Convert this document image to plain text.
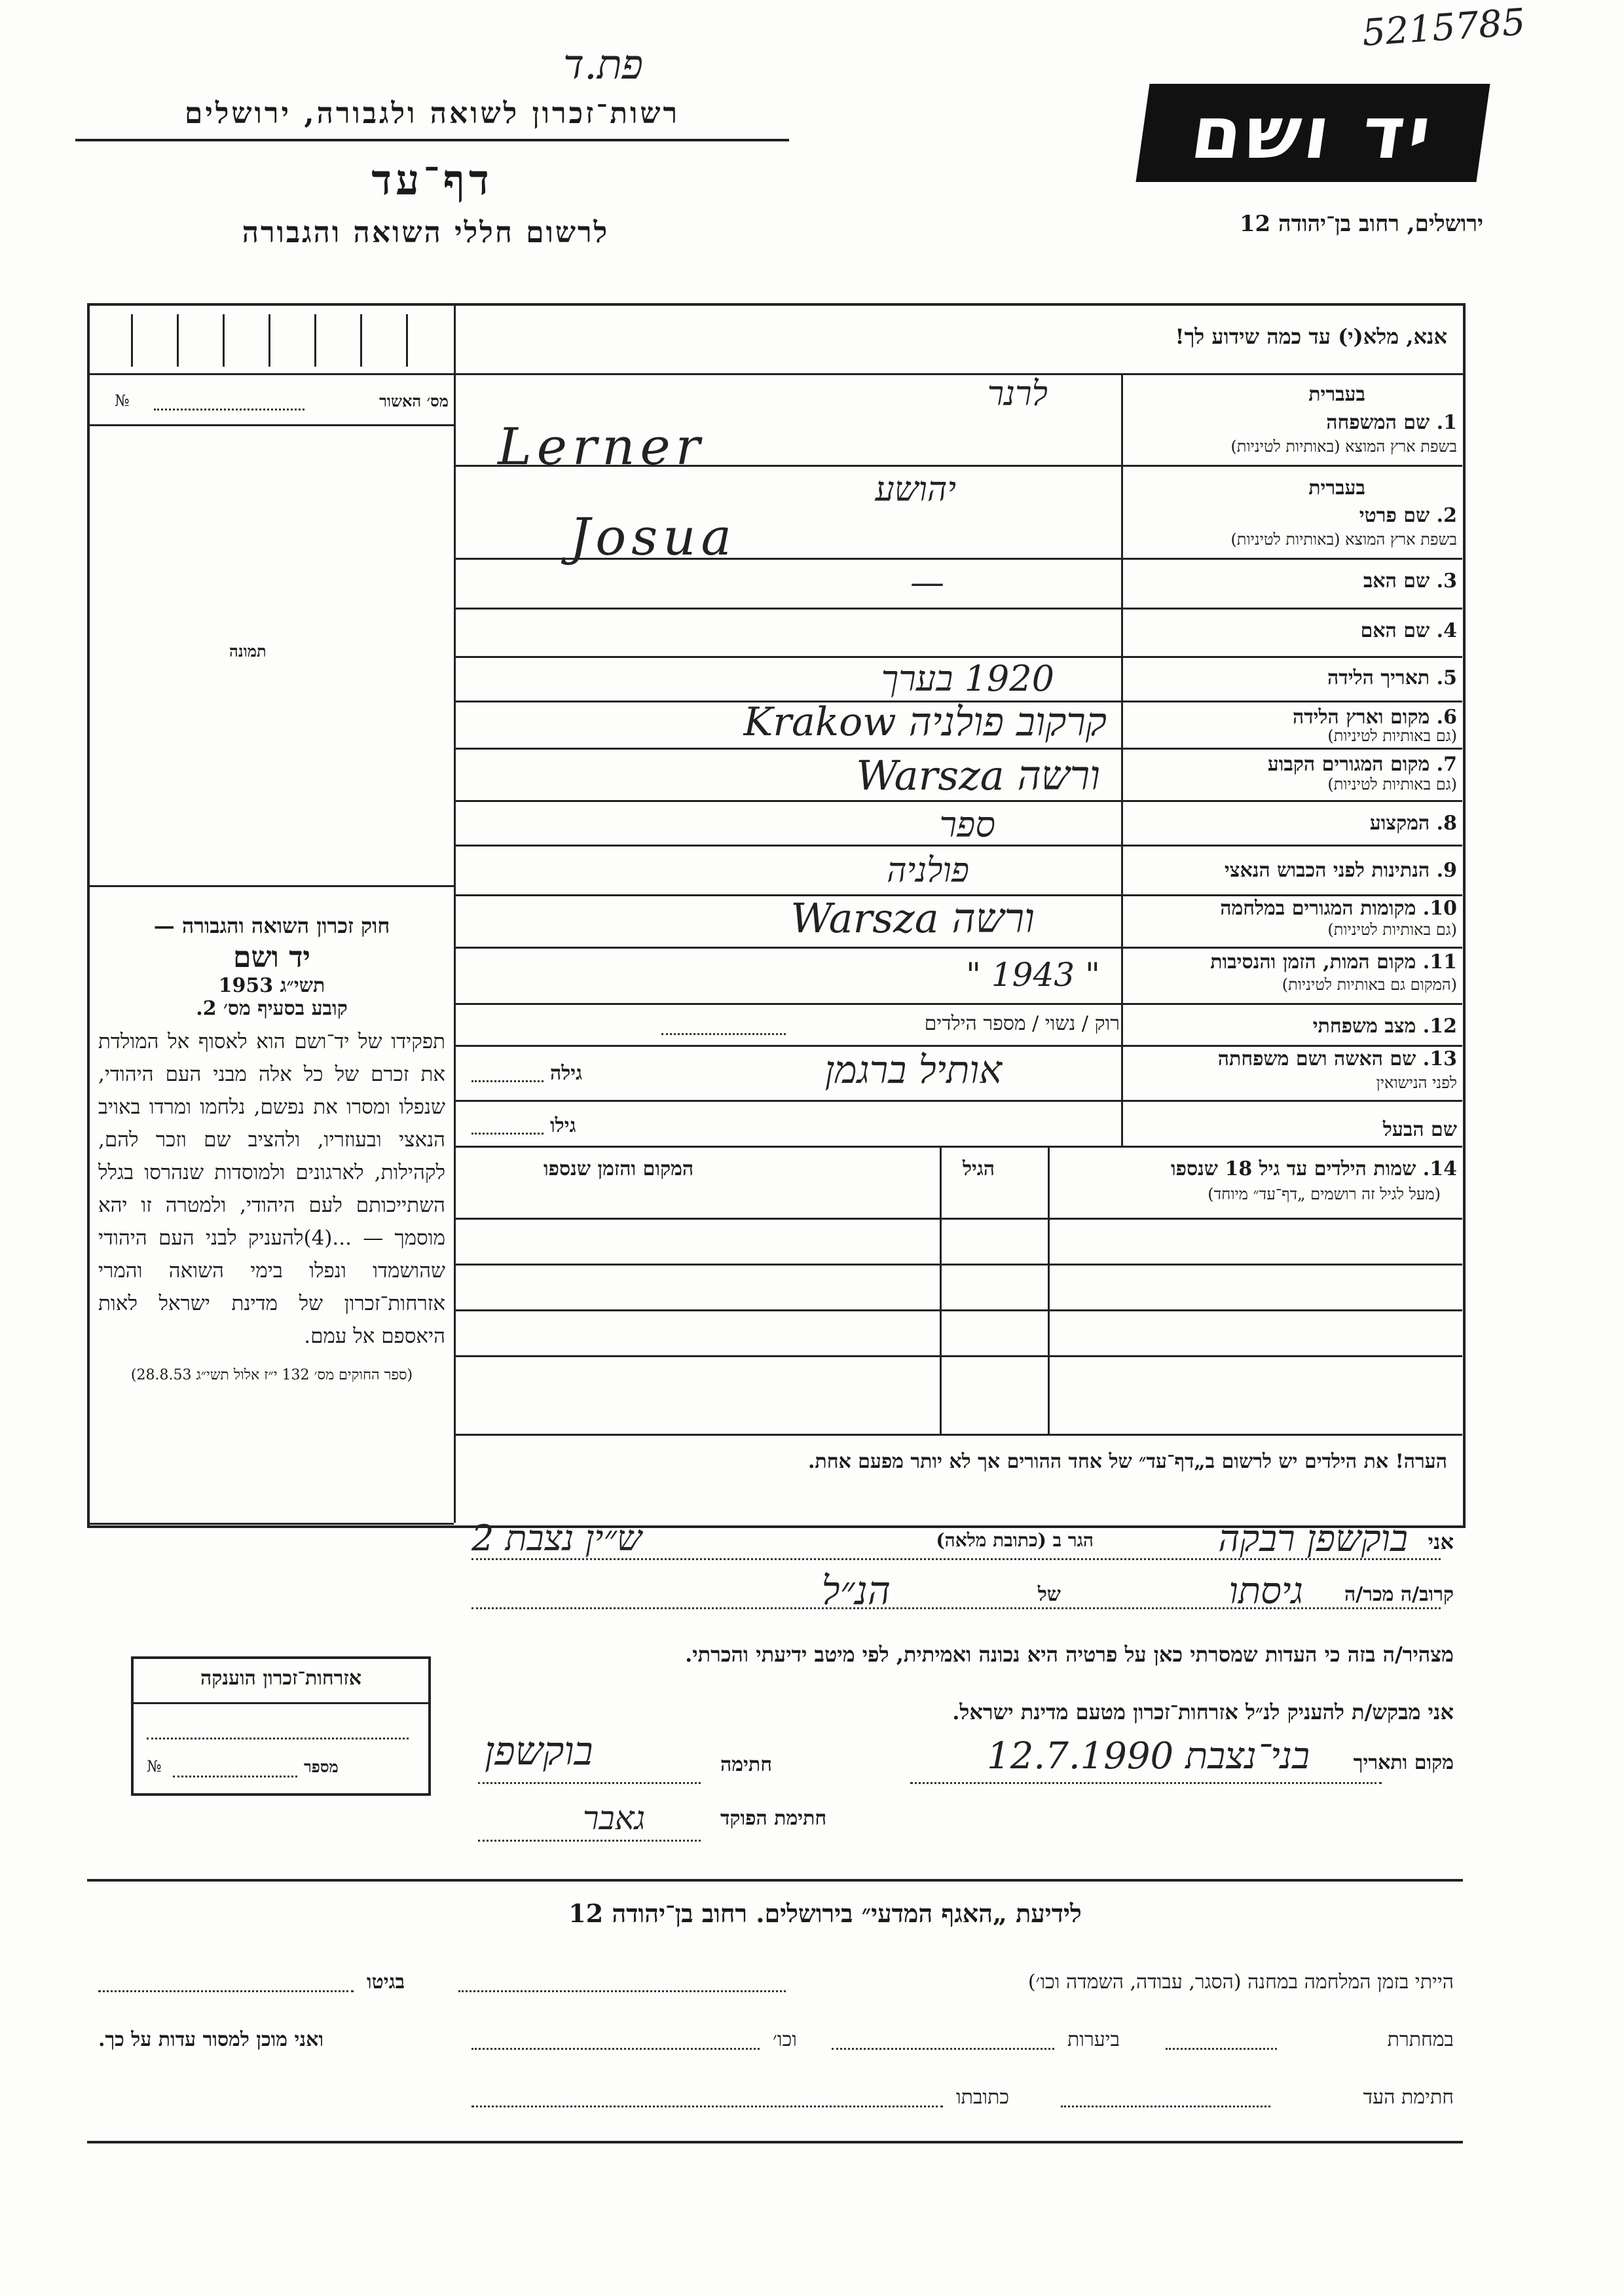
5215785
פת.ד
רשות־זכרון לשואה ולגבורה, ירושלים
דף־עד
לרשום חללי השואה והגבורה
יד ושם
ירושלים, רחוב בן־יהודה 12
אנא, מלא(י) עד כמה שידוע לך!
№	מס׳ האשור
תמונה
בעברית
1. שם המשפחה
בשפת ארץ המוצא (באותיות לטיניות)
לרנר
Lerner
בעברית
2. שם פרטי
בשפת ארץ המוצא (באותיות לטיניות)
יהושע
Josua
3. שם האב
—
4. שם האם
5. תאריך הלידה
1920 בערך
6. מקום וארץ הלידה
(גם באותיות לטיניות)
קרקוב פולניה Krakow
7. מקום המגורים הקבוע
(גם באותיות לטיניות)
ורשה Warsza
8. המקצוע
ספר
9. הנתינות לפני הכבוש הנאצי
פולניה
10. מקומות המגורים במלחמה
(גם באותיות לטיניות)
ורשה Warsza
11. מקום המות, הזמן והנסיבות
(המקום גם באותיות לטיניות)
" 1943 "
12. מצב משפחתי
רוק / נשוי / מספר הילדים
13. שם האשה ושם משפחתה
לפני הנישואין
אותיל ברגמן
גילה
שם הבעל
גילו
14. שמות הילדים עד גיל 18 שנספו
(מעל לגיל זה רושמים „דף־עד״ מיוחד)
הגיל
המקום והזמן שנספו
הערה! את הילדים יש לרשום ב„דף־עד״ של אחד ההורים אך לא יותר מפעם אחת.
חוק זכרון השואה והגבורה —
יד ושם
תשי״ג 1953
קובע בסעיף מס׳ 2.
תפקידו של יד־ושם הוא לאסוף אל המולדת את זכרם של כל אלה מבני העם היהודי, שנפלו ומסרו את נפשם, נלחמו ומרדו באויב הנאצי ובעוזריו, ולהציב שם וזכר להם, לקהילות, לארגונים ולמוסדות שנהרסו בגלל השתייכותם לעם היהודי, ולמטרה זו יהא מוסמך — ...(4)להעניק לבני העם היהודי שהושמדו ונפלו בימי השואה והמרי אזרחות־זכרון של מדינת ישראל לאות היאספם אל עמם.
(ספר החוקים מס׳ 132 י״ז אלול תשי״ג 28.8.53)
אני
בוקשפן רבקה
הגר ב (כתובת מלאה)
ש״ין נצבת 2
קרוב/ה מכר/ה
גיסתו
של
הנ״ל
מצהיר/ה בזה כי העדות שמסרתי כאן על פרטיה היא נכונה ואמיתית, לפי מיטב ידיעתי והכרתי.
אני מבקש/ת להעניק לנ״ל אזרחות־זכרון מטעם מדינת ישראל.
מקום ותאריך
בני־נצבת 12.7.1990
חתימה
בוקשפן
חתימת הפוקד
גאבר
אזרחות־זכרון הוענקה
מספר
№
לידיעת „האגף המדעי״ בירושלים. רחוב בן־יהודה 12
הייתי בזמן המלחמה במחנה (הסגר, עבודה, השמדה וכו׳)
בגיטו
במחתרת
ביערות
וכו׳
ואני מוכן למסור עדות על כך.
חתימת העד
כתובתו
